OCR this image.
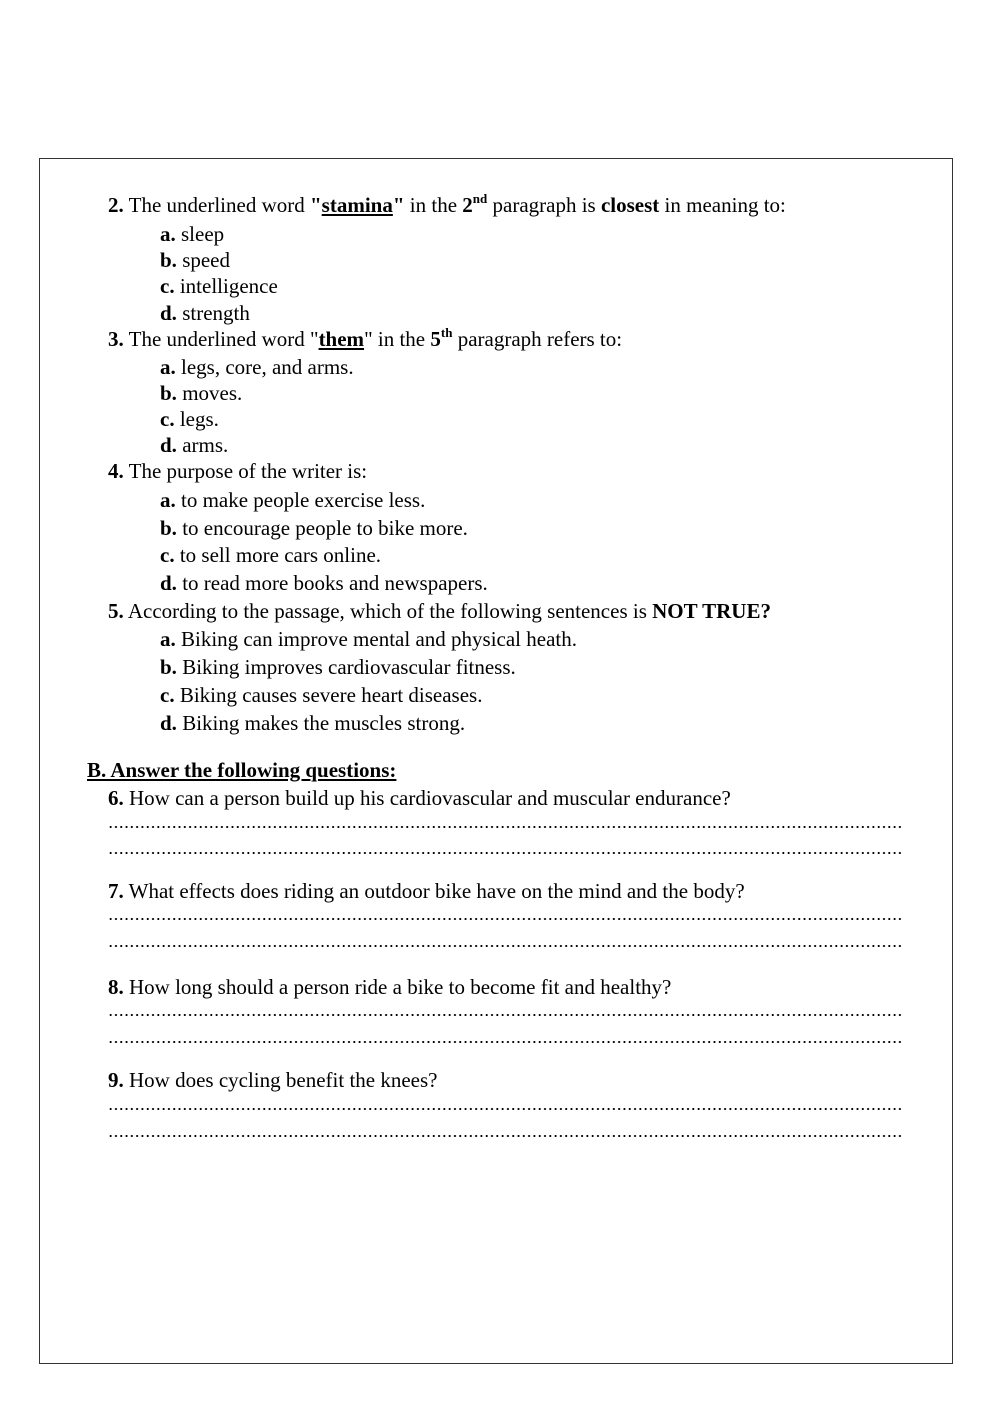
2. The underlined word "stamina" in the 2nd paragraph is closest in meaning to:
a. sleep
b. speed
c. intelligence
d. strength
3. The underlined word "them" in the 5th paragraph refers to:
a. legs, core, and arms.
b. moves.
c. legs.
d. arms.
4. The purpose of the writer is:
a. to make people exercise less.
b. to encourage people to bike more.
c. to sell more cars online.
d. to read more books and newspapers.
5. According to the passage, which of the following sentences is NOT TRUE?
a. Biking can improve mental and physical heath.
b. Biking improves cardiovascular fitness.
c. Biking causes severe heart diseases.
d. Biking makes the muscles strong.
B. Answer the following questions:
6. How can a person build up his cardiovascular and muscular endurance?
7. What effects does riding an outdoor bike have on the mind and the body?
8. How long should a person ride a bike to become fit and healthy?
9. How does cycling benefit the knees?
